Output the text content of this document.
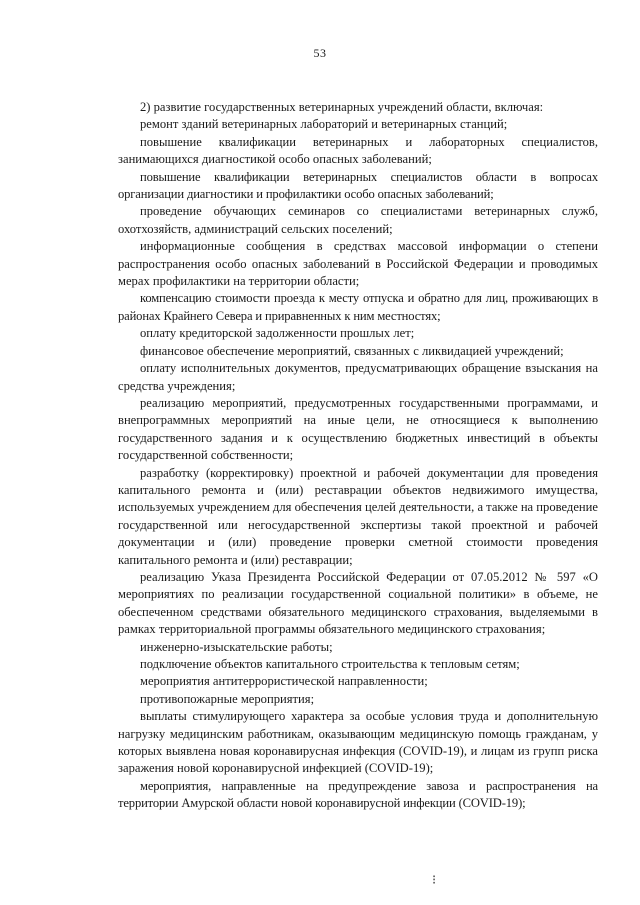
53

2) развитие государственных ветеринарных учреждений области, включая:

ремонт зданий ветеринарных лабораторий и ветеринарных станций;

повышение квалификации ветеринарных и лабораторных специалистов, занимающихся диагностикой особо опасных заболеваний;

повышение квалификации ветеринарных специалистов области в вопросах организации диагностики и профилактики особо опасных заболеваний;

проведение обучающих семинаров со специалистами ветеринарных служб, охотхозяйств, администраций сельских поселений;

информационные сообщения в средствах массовой информации о степени распространения особо опасных заболеваний в Российской Федерации и проводимых мерах профилактики на территории области;

компенсацию стоимости проезда к месту отпуска и обратно для лиц, проживающих в районах Крайнего Севера и приравненных к ним местностях;

оплату кредиторской задолженности прошлых лет;

финансовое обеспечение мероприятий, связанных с ликвидацией учреждений;

оплату исполнительных документов, предусматривающих обращение взыскания на средства учреждения;

реализацию мероприятий, предусмотренных государственными программами, и внепрограммных мероприятий на иные цели, не относящиеся к выполнению государственного задания и к осуществлению бюджетных инвестиций в объекты государственной собственности;

разработку (корректировку) проектной и рабочей документации для проведения капитального ремонта и (или) реставрации объектов недвижимого имущества, используемых учреждением для обеспечения целей деятельности, а также на проведение государственной или негосударственной экспертизы такой проектной и рабочей документации и (или) проведение проверки сметной стоимости проведения капитального ремонта и (или) реставрации;

реализацию Указа Президента Российской Федерации от 07.05.2012 № 597 «О мероприятиях по реализации государственной социальной политики» в объеме, не обеспеченном средствами обязательного медицинского страхования, выделяемыми в рамках территориальной программы обязательного медицинского страхования;

инженерно-изыскательские работы;

подключение объектов капитального строительства к тепловым сетям;

мероприятия антитеррористической направленности;

противопожарные мероприятия;

выплаты стимулирующего характера за особые условия труда и дополнительную нагрузку медицинским работникам, оказывающим медицинскую помощь гражданам, у которых выявлена новая коронавирусная инфекция (COVID-19), и лицам из групп риска заражения новой коронавирусной инфекцией (COVID-19);

мероприятия, направленные на предупреждение завоза и распространения на территории Амурской области новой коронавирусной инфекции (COVID-19);

⁝
